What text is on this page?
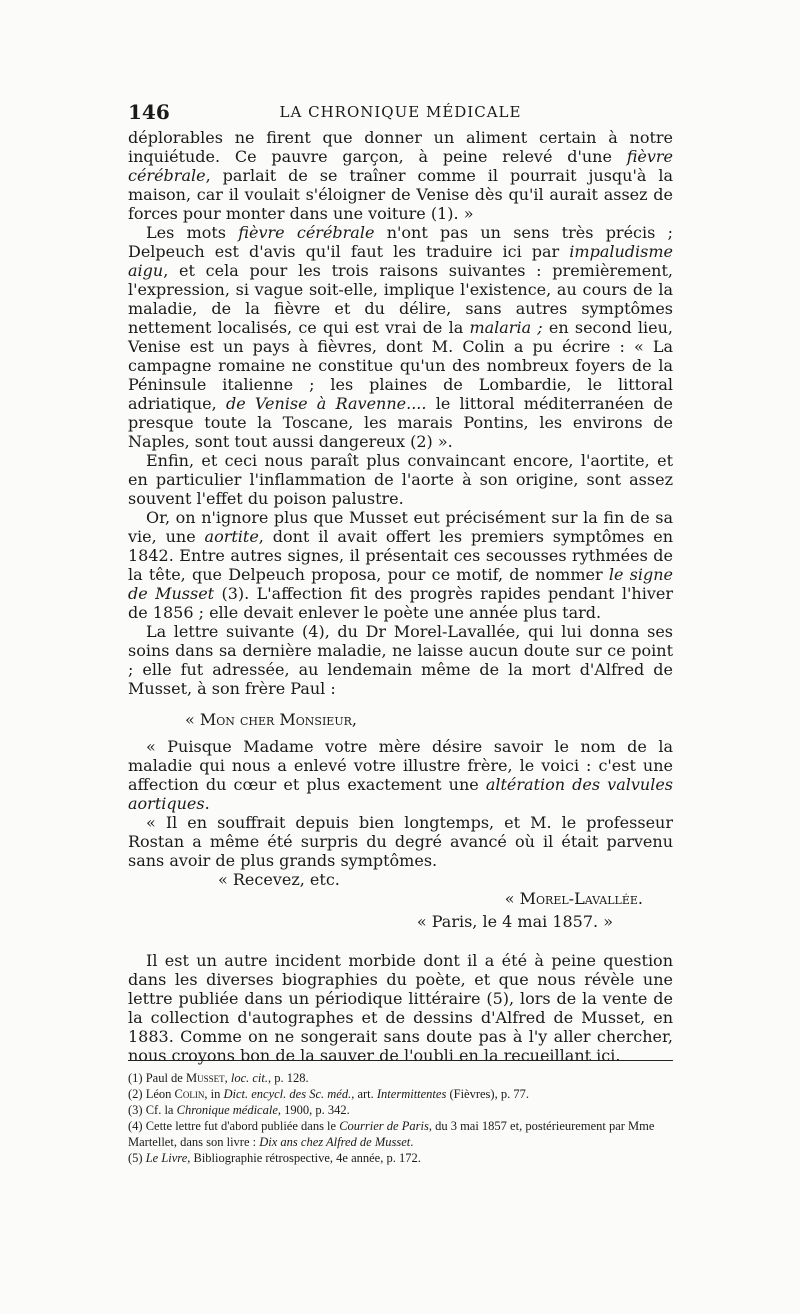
146	LA CHRONIQUE MÉDICALE

déplorables ne firent que donner un aliment certain à notre inquiétude. Ce pauvre garçon, à peine relevé d'une fièvre cérébrale, parlait de se traîner comme il pourrait jusqu'à la maison, car il voulait s'éloigner de Venise dès qu'il aurait assez de forces pour monter dans une voiture (1). »

Les mots fièvre cérébrale n'ont pas un sens très précis ; Delpeuch est d'avis qu'il faut les traduire ici par impaludisme aigu, et cela pour les trois raisons suivantes : premièrement, l'expression, si vague soit-elle, implique l'existence, au cours de la maladie, de la fièvre et du délire, sans autres symptômes nettement localisés, ce qui est vrai de la malaria ; en second lieu, Venise est un pays à fièvres, dont M. Colin a pu écrire : « La campagne romaine ne constitue qu'un des nombreux foyers de la Péninsule italienne ; les plaines de Lombardie, le littoral adriatique, de Venise à Ravenne.... le littoral méditerranéen de presque toute la Toscane, les marais Pontins, les environs de Naples, sont tout aussi dangereux (2) ».

Enfin, et ceci nous paraît plus convaincant encore, l'aortite, et en particulier l'inflammation de l'aorte à son origine, sont assez souvent l'effet du poison palustre.

Or, on n'ignore plus que Musset eut précisément sur la fin de sa vie, une aortite, dont il avait offert les premiers symptômes en 1842. Entre autres signes, il présentait ces secousses rythmées de la tête, que Delpeuch proposa, pour ce motif, de nommer le signe de Musset (3). L'affection fit des progrès rapides pendant l'hiver de 1856 ; elle devait enlever le poète une année plus tard.

La lettre suivante (4), du Dr Morel-Lavallée, qui lui donna ses soins dans sa dernière maladie, ne laisse aucun doute sur ce point ; elle fut adressée, au lendemain même de la mort d'Alfred de Musset, à son frère Paul :

« Mon cher Monsieur,

« Puisque Madame votre mère désire savoir le nom de la maladie qui nous a enlevé votre illustre frère, le voici : c'est une affection du cœur et plus exactement une altération des valvules aortiques.

« Il en souffrait depuis bien longtemps, et M. le professeur Rostan a même été surpris du degré avancé où il était parvenu sans avoir de plus grands symptômes.

« Recevez, etc.

« Morel-Lavallée.

« Paris, le 4 mai 1857. »

Il est un autre incident morbide dont il a été à peine question dans les diverses biographies du poète, et que nous révèle une lettre publiée dans un périodique littéraire (5), lors de la vente de la collection d'autographes et de dessins d'Alfred de Musset, en 1883. Comme on ne songerait sans doute pas à l'y aller chercher, nous croyons bon de la sauver de l'oubli en la recueillant ici.

(1) Paul de Musset, loc. cit., p. 128.

(2) Léon Colin, in Dict. encycl. des Sc. méd., art. Intermittentes (Fièvres), p. 77.

(3) Cf. la Chronique médicale, 1900, p. 342.

(4) Cette lettre fut d'abord publiée dans le Courrier de Paris, du 3 mai 1857 et, postérieurement par Mme Martellet, dans son livre : Dix ans chez Alfred de Musset.

(5) Le Livre, Bibliographie rétrospective, 4e année, p. 172.
